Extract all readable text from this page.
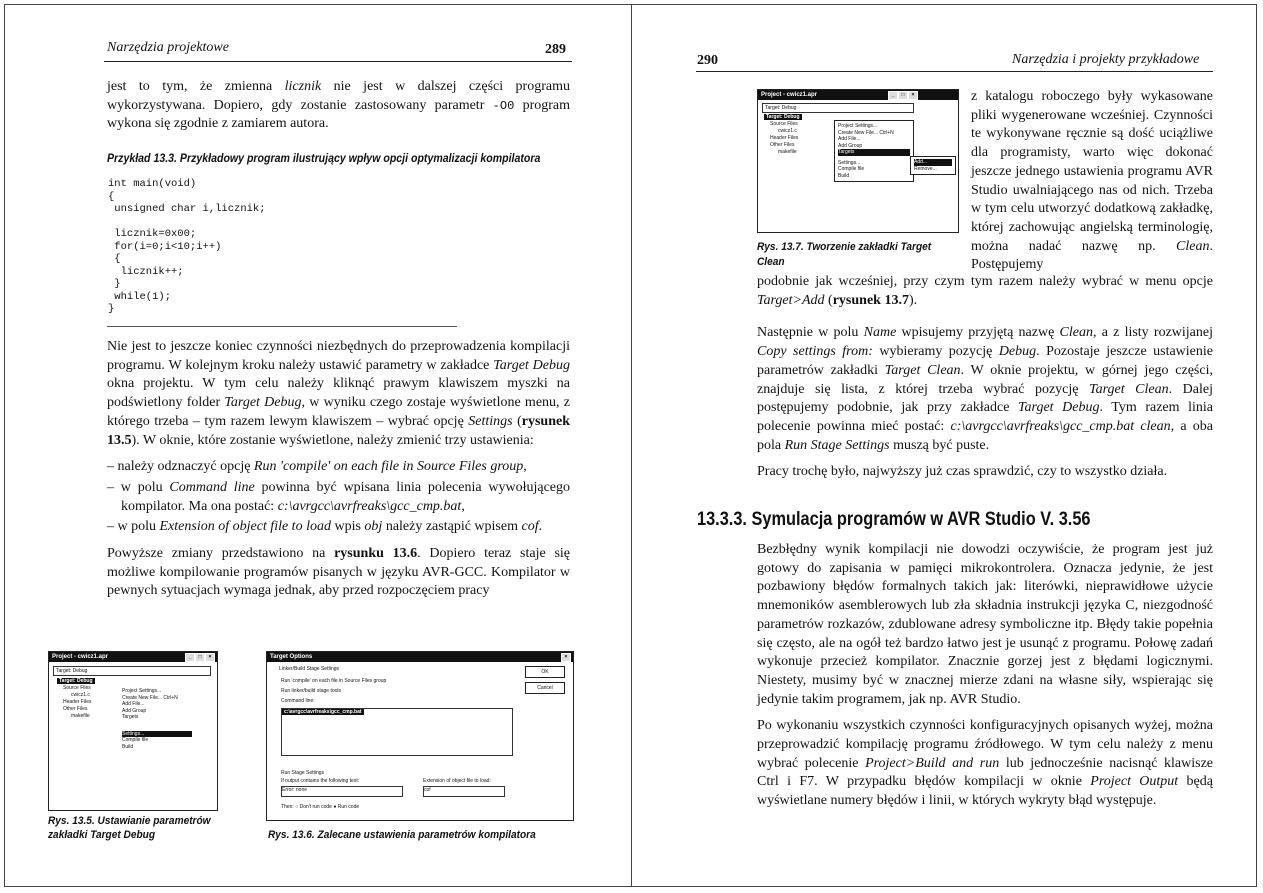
Narzędzia projektowe	289
jest to tym, że zmienna licznik nie jest w dalszej części programu wykorzystywana. Dopiero, gdy zostanie zastosowany parametr -O0 program wykona się zgodnie z zamiarem autora.
Przykład 13.3. Przykładowy program ilustrujący wpływ opcji optymalizacji kompilatora
int main(void)
{
unsigned char i,licznik;

licznik=0x00;
for(i=0;i<10;i++)
{
licznik++;
}
while(1);
}

Nie jest to jeszcze koniec czynności niezbędnych do przeprowadzenia kompilacji programu. W kolejnym kroku należy ustawić parametry w zakładce Target Debug okna projektu. W tym celu należy kliknąć prawym klawiszem myszki na podświetlony folder Target Debug, w wyniku czego zostaje wyświetlone menu, z którego trzeba – tym razem lewym klawiszem – wybrać opcję Settings (rysunek 13.5). W oknie, które zostanie wyświetlone, należy zmienić trzy ustawienia:

– należy odznaczyć opcję Run 'compile' on each file in Source Files group,
– w polu Command line powinna być wpisana linia polecenia wywołującego kompilator. Ma ona postać: c:\avrgcc\avrfreaks\gcc_cmp.bat,
– w polu Extension of object file to load wpis obj należy zastąpić wpisem cof.

Powyższe zmiany przedstawiono na rysunku 13.6. Dopiero teraz staje się możliwe kompilowanie programów pisanych w języku AVR-GCC. Kompilator w pewnych sytuacjach wymaga jednak, aby przed rozpoczęciem pracy

Project - cwicz1.apr	_	□	×
Target: Debug
Target: Debug
Source Files
cwicz1.c
Header Files
Other Files
makefile
Project Settings...
Create New File... Ctrl+N
Add File...
Add Group
Targets
Settings...
Compile file
Build
Rys. 13.5. Ustawianie parametrów zakładki Target Debug
Target Options	×
Linker/Build Stage Settings
Run 'compile' on each file in Source Files group
Run linker/build stage tools
Command line:
c:\avrgcc\avrfreaks\gcc_cmp.bat
OK
Cancel
Run Stage Settings
If output contains the following text:	Extension of object file to load:
Error: none	cof
Then: ○ Don't run code ● Run code
Rys. 13.6. Zalecane ustawienia parametrów kompilatora
290	Narzędzia i projekty przykładowe
Project - cwicz1.apr	_	□	×
Target: Debug
Target: Debug
Source Files
cwicz1.c
Header Files
Other Files
makefile
Project Settings...
Create New File... Ctrl+N
Add File...
Add Group
Targets
Settings...
Compile file
Build
Add...
Remove...
Rys. 13.7. Tworzenie zakładki Target Clean
z katalogu roboczego były wykasowane pliki wygenerowane wcześniej. Czynności te wykonywane ręcznie są dość uciążliwe dla programisty, warto więc dokonać jeszcze jednego ustawienia programu AVR Studio uwalniającego nas od nich. Trzeba w tym celu utworzyć dodatkową zakładkę, której zachowując angielską terminologię, można nadać nazwę np. Clean. Postępujemy

podobnie jak wcześniej, przy czym tym razem należy wybrać w menu opcje Target>Add (rysunek 13.7).

Następnie w polu Name wpisujemy przyjętą nazwę Clean, a z listy rozwijanej Copy settings from: wybieramy pozycję Debug. Pozostaje jeszcze ustawienie parametrów zakładki Target Clean. W oknie projektu, w górnej jego części, znajduje się lista, z której trzeba wybrać pozycję Target Clean. Dalej postępujemy podobnie, jak przy zakładce Target Debug. Tym razem linia polecenie powinna mieć postać: c:\avrgcc\avrfreaks\gcc_cmp.bat clean, a oba pola Run Stage Settings muszą być puste.

Pracy trochę było, najwyższy już czas sprawdzić, czy to wszystko działa.

13.3.3. Symulacja programów w AVR Studio V. 3.56

Bezbłędny wynik kompilacji nie dowodzi oczywiście, że program jest już gotowy do zapisania w pamięci mikrokontrolera. Oznacza jedynie, że jest pozbawiony błędów formalnych takich jak: literówki, nieprawidłowe użycie mnemoników asemblerowych lub zła składnia instrukcji języka C, niezgodność parametrów rozkazów, zdublowane adresy symboliczne itp. Błędy takie popełnia się często, ale na ogół też bardzo łatwo jest je usunąć z programu. Połowę zadań wykonuje przecież kompilator. Znacznie gorzej jest z błędami logicznymi. Niestety, musimy być w znacznej mierze zdani na własne siły, wspierając się jedynie takim programem, jak np. AVR Studio.

Po wykonaniu wszystkich czynności konfiguracyjnych opisanych wyżej, można przeprowadzić kompilację programu źródłowego. W tym celu należy z menu wybrać polecenie Project>Build and run lub jednocześnie nacisnąć klawisze Ctrl i F7. W przypadku błędów kompilacji w oknie Project Output będą wyświetlane numery błędów i linii, w których wykryty błąd występuje.
